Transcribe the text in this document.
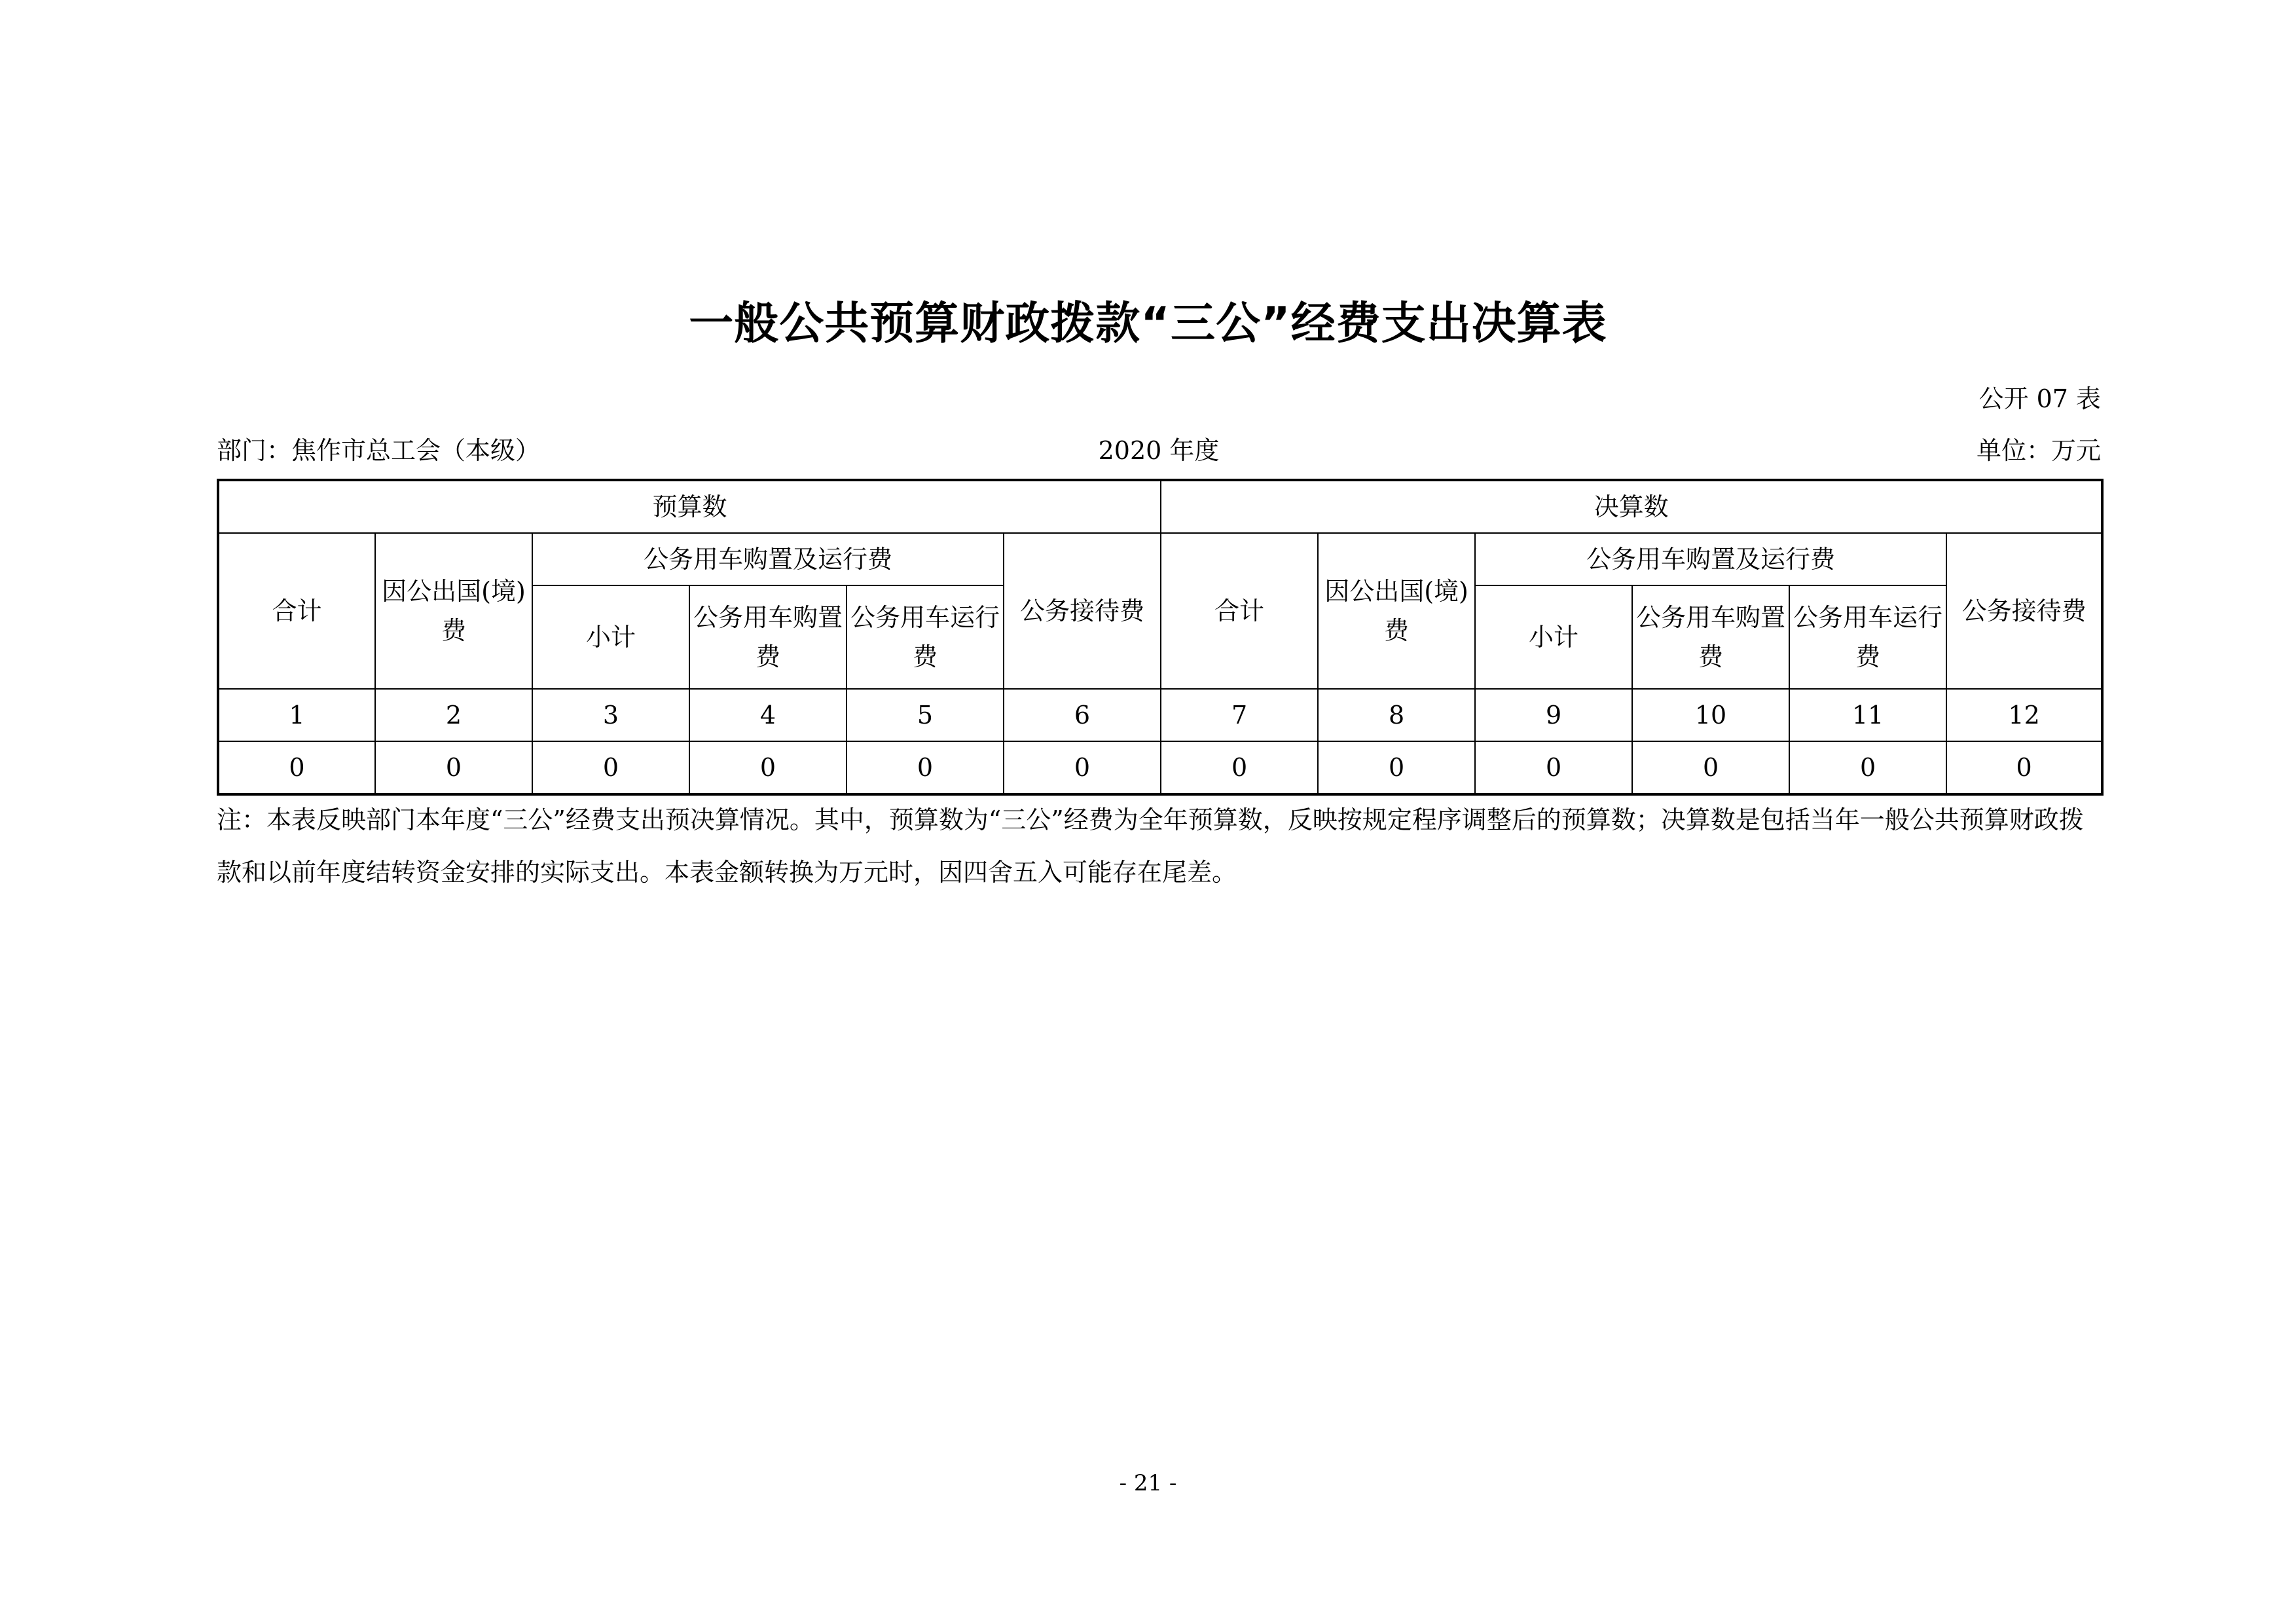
一般公共预算财政拨款“三公”经费支出决算表
公开 07 表
部门：焦作市总工会（本级）	2020 年度	单位：万元
预算数						决算数					
合计	因公出国(境)费	公务用车购置及运行费			公务接待费	合计	因公出国(境)费	公务用车购置及运行费			公务接待费
		小计	公务用车购置费	公务用车运行费				小计	公务用车购置费	公务用车运行费	
1	2	3	4	5	6	7	8	9	10	11	12
0	0	0	0	0	0	0	0	0	0	0	0
注：本表反映部门本年度“三公”经费支出预决算情况。其中，预算数为“三公”经费为全年预算数，反映按规定程序调整后的预算数；决算数是包括当年一般公共预算财政拨款和以前年度结转资金安排的实际支出。本表金额转换为万元时，因四舍五入可能存在尾差。
- 21 -
